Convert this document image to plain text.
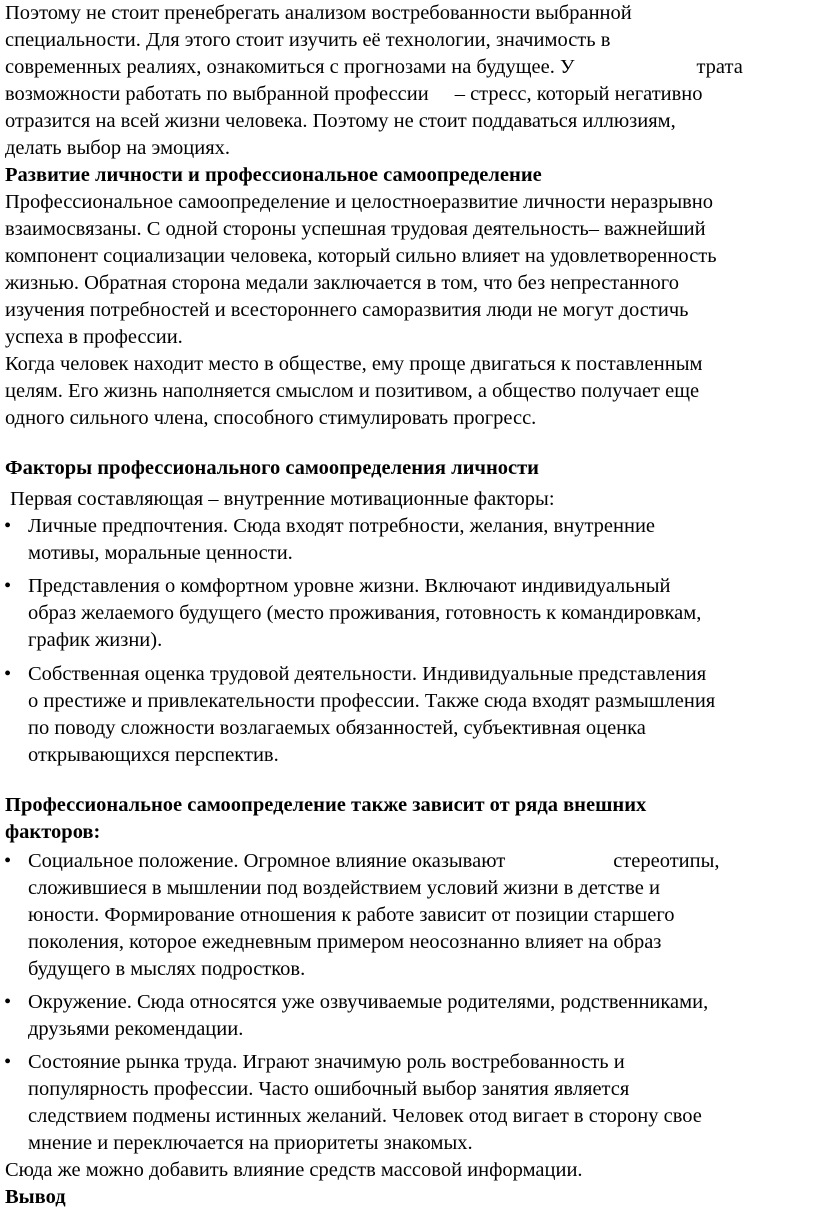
Поэтому не стоит пренебрегать анализом востребованности выбранной
специальности. Для этого стоит изучить её технологии, значимость в
современных реалиях, ознакомиться с прогнозами на будущее. У	трата
возможности работать по выбранной профессии – стресс, который негативно
отразится на всей жизни человека. Поэтому не стоит поддаваться иллюзиям,
делать выбор на эмоциях.
Развитие личности и профессиональное самоопределение
Профессиональное самоопределение и целостноеразвитие личности неразрывно
взаимосвязаны. С одной стороны успешная трудовая деятельность– важнейший
компонент социализации человека, который сильно влияет на удовлетворенность
жизнью. Обратная сторона медали заключается в том, что без непрестанного
изучения потребностей и всестороннего саморазвития люди не могут достичь
успеха в профессии.
Когда человек находит место в обществе, ему проще двигаться к поставленным
целям. Его жизнь наполняется смыслом и позитивом, а общество получает еще
одного сильного члена, способного стимулировать прогресс.
Факторы профессионального самоопределения личности
Первая составляющая – внутренние мотивационные факторы:
• Личные предпочтения. Сюда входят потребности, желания, внутренние
мотивы, моральные ценности.
• Представления о комфортном уровне жизни. Включают индивидуальный
образ желаемого будущего (место проживания, готовность к командировкам,
график жизни).
• Собственная оценка трудовой деятельности. Индивидуальные представления
о престиже и привлекательности профессии. Также сюда входят размышления
по поводу сложности возлагаемых обязанностей, субъективная оценка
открывающихся перспектив.
Профессиональное самоопределение также зависит от ряда внешних
факторов:
• Социальное положение. Огромное влияние оказывают	стереотипы,
сложившиеся в мышлении под воздействием условий жизни в детстве и
юности. Формирование отношения к работе зависит от позиции старшего
поколения, которое ежедневным примером неосознанно влияет на образ
будущего в мыслях подростков.
• Окружение. Сюда относятся уже озвучиваемые родителями, родственниками,
друзьями рекомендации.
• Состояние рынка труда. Играют значимую роль востребованность и
популярность профессии. Часто ошибочный выбор занятия является
следствием подмены истинных желаний. Человек отод вигает в сторону свое
мнение и переключается на приоритеты знакомых.
Сюда же можно добавить влияние средств массовой информации.
Вывод
